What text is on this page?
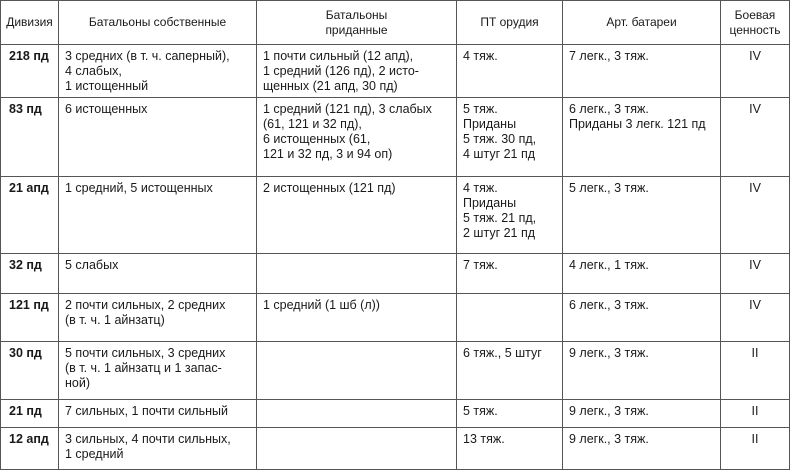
Дивизия	Батальоны собственные	Батальоны
приданные	ПТ орудия	Арт. батареи	Боевая
ценность
218 пд	3 средних (в т. ч. саперный),
4 слабых,
1 истощенный	1 почти сильный (12 апд),
1 средний (126 пд), 2 исто-
щенных (21 апд, 30 пд)	4 тяж.	7 легк., 3 тяж.	IV
83 пд	6 истощенных	1 средний (121 пд), 3 слабых
(61, 121 и 32 пд),
6 истощенных (61,
121 и 32 пд, 3 и 94 оп)	5 тяж.
Приданы
5 тяж. 30 пд,
4 штуг 21 пд	6 легк., 3 тяж.
Приданы 3 легк. 121 пд	IV
21 апд	1 средний, 5 истощенных	2 истощенных (121 пд)	4 тяж.
Приданы
5 тяж. 21 пд,
2 штуг 21 пд	5 легк., 3 тяж.	IV
32 пд	5 слабых		7 тяж.	4 легк., 1 тяж.	IV
121 пд	2 почти сильных, 2 средних
(в т. ч. 1 айнзатц)	1 средний (1 шб (л))		6 легк., 3 тяж.	IV
30 пд	5 почти сильных, 3 средних
(в т. ч. 1 айнзатц и 1 запас-
ной)		6 тяж., 5 штуг	9 легк., 3 тяж.	II
21 пд	7 сильных, 1 почти сильный		5 тяж.	9 легк., 3 тяж.	II
12 апд	3 сильных, 4 почти сильных,
1 средний		13 тяж.	9 легк., 3 тяж.	II
